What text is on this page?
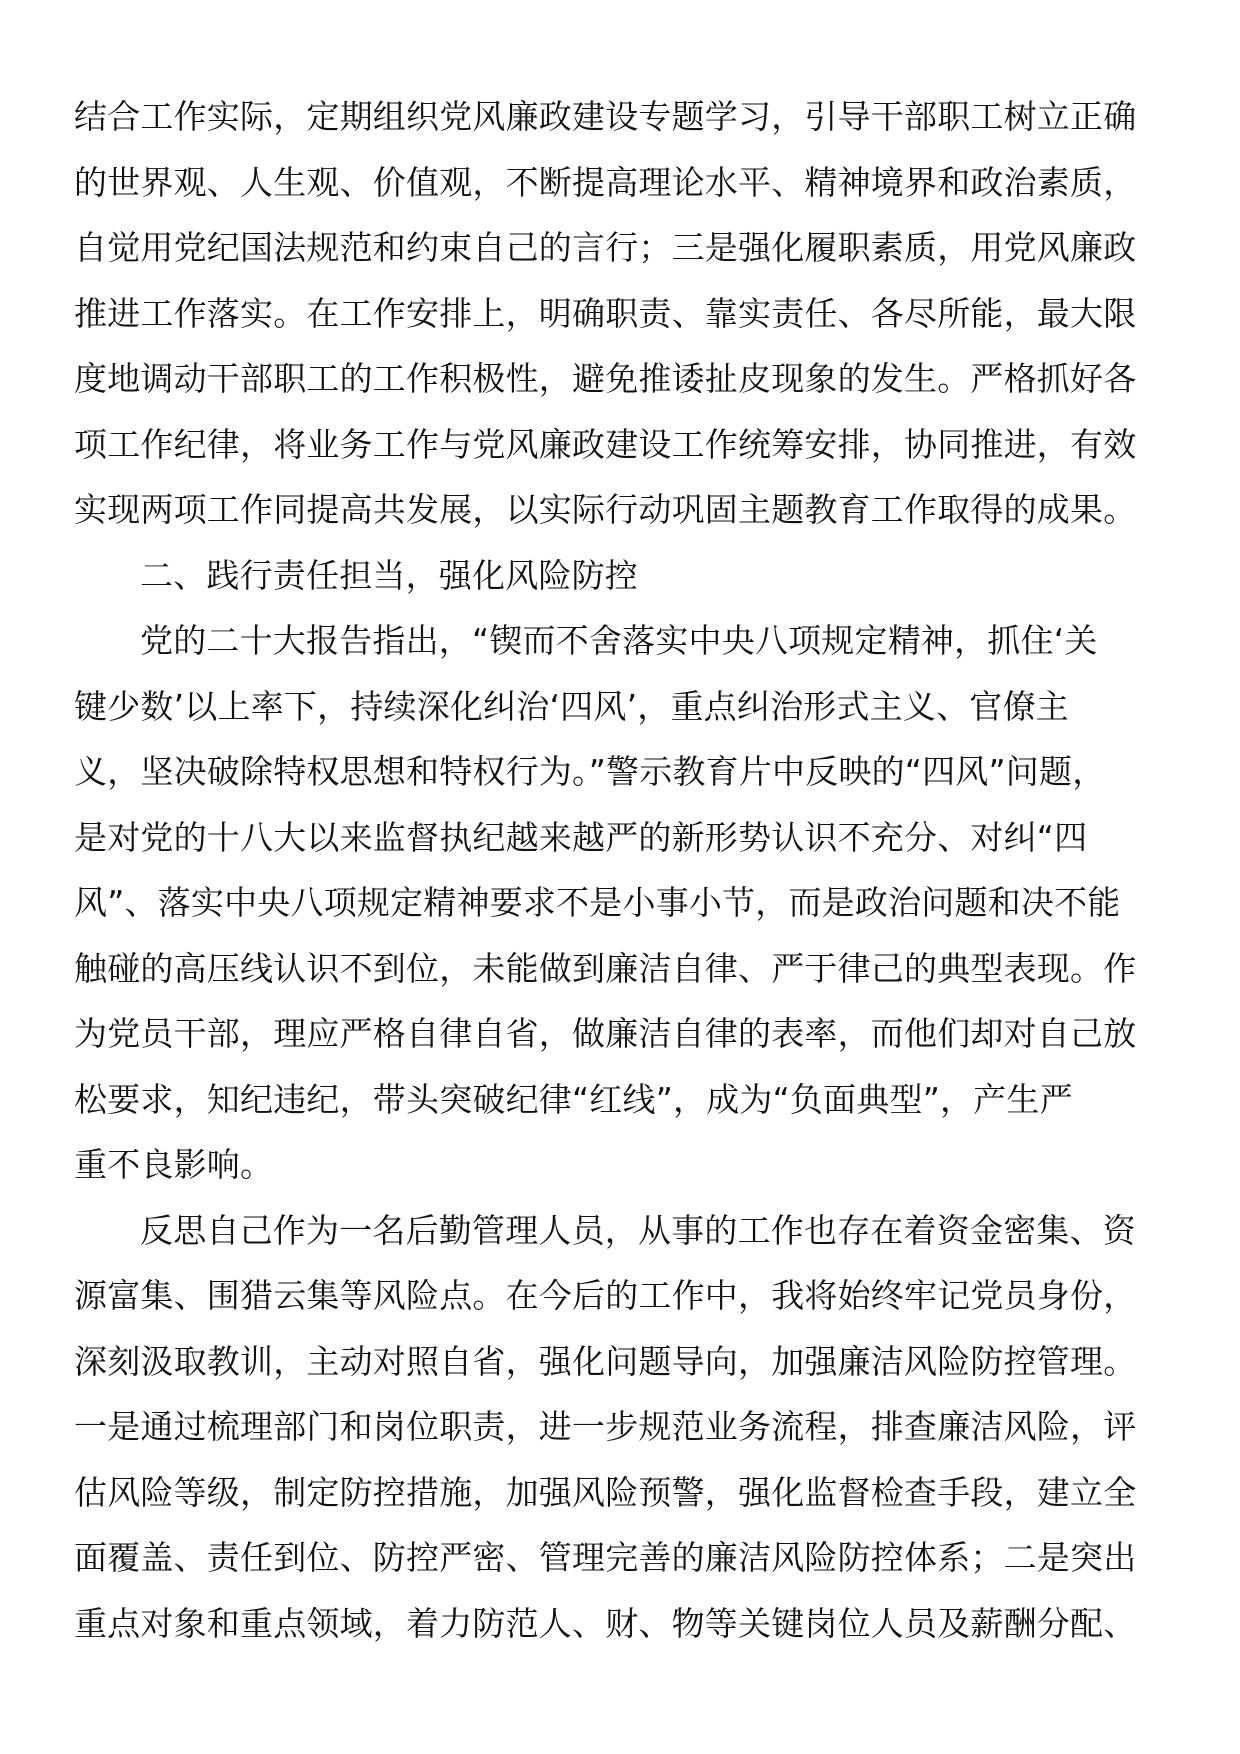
结合工作实际，定期组织党风廉政建设专题学习，引导干部职工树立正确
的世界观、人生观、价值观，不断提高理论水平、精神境界和政治素质，
自觉用党纪国法规范和约束自己的言行；三是强化履职素质，用党风廉政
推进工作落实。在工作安排上，明确职责、靠实责任、各尽所能，最大限
度地调动干部职工的工作积极性，避免推诿扯皮现象的发生。严格抓好各
项工作纪律，将业务工作与党风廉政建设工作统筹安排，协同推进，有效
实现两项工作同提高共发展，以实际行动巩固主题教育工作取得的成果。
二、践行责任担当，强化风险防控
党的二十大报告指出，“锲而不舍落实中央八项规定精神，抓住‘关
键少数’以上率下，持续深化纠治‘四风’，重点纠治形式主义、官僚主
义，坚决破除特权思想和特权行为。”警示教育片中反映的“四风”问题，
是对党的十八大以来监督执纪越来越严的新形势认识不充分、对纠“四
风”、落实中央八项规定精神要求不是小事小节，而是政治问题和决不能
触碰的高压线认识不到位，未能做到廉洁自律、严于律己的典型表现。作
为党员干部，理应严格自律自省，做廉洁自律的表率，而他们却对自己放
松要求，知纪违纪，带头突破纪律“红线”，成为“负面典型”，产生严
重不良影响。
反思自己作为一名后勤管理人员，从事的工作也存在着资金密集、资
源富集、围猎云集等风险点。在今后的工作中，我将始终牢记党员身份，
深刻汲取教训，主动对照自省，强化问题导向，加强廉洁风险防控管理。
一是通过梳理部门和岗位职责，进一步规范业务流程，排查廉洁风险，评
估风险等级，制定防控措施，加强风险预警，强化监督检查手段，建立全
面覆盖、责任到位、防控严密、管理完善的廉洁风险防控体系；二是突出
重点对象和重点领域，着力防范人、财、物等关键岗位人员及薪酬分配、
